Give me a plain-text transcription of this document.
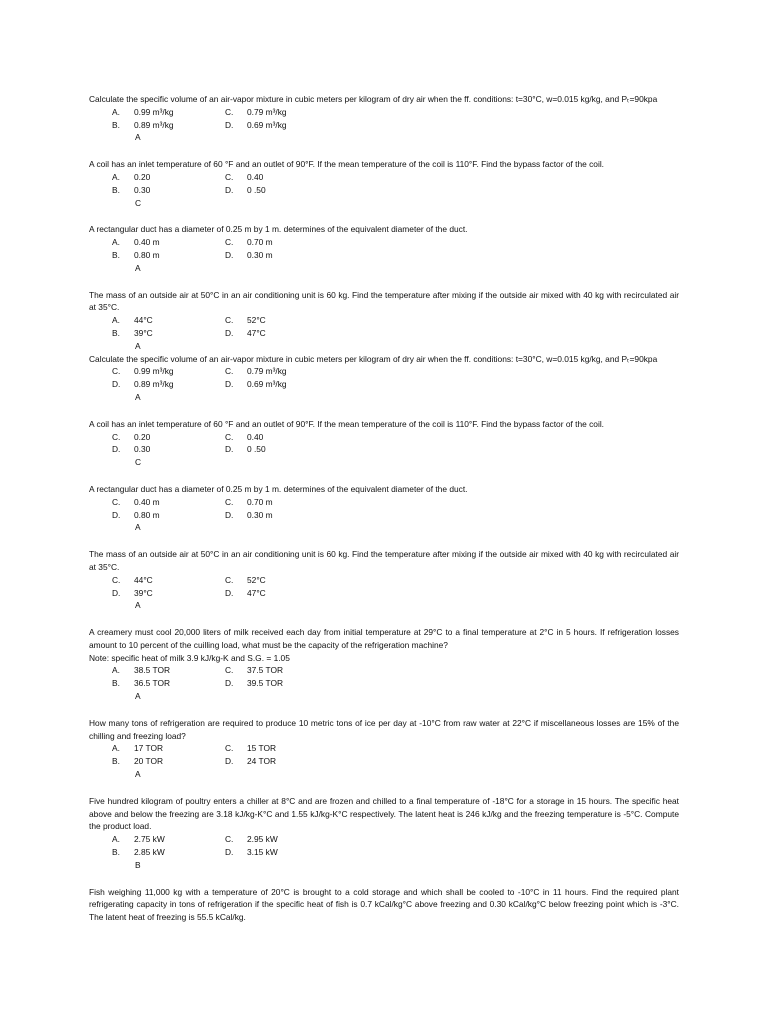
Calculate the specific volume of an air-vapor mixture in cubic meters per kilogram of dry air when the ff. conditions: t=30°C, w=0.015 kg/kg, and Pₜ=90kpa

A. 0.99 m³/kg	C. 0.79 m³/kg
B. 0.89 m³/kg	D. 0.69 m³/kg
A

A coil has an inlet temperature of 60 °F and an outlet of 90°F. If the mean temperature of the coil is 110°F. Find the bypass factor of the coil.

A. 0.20	C. 0.40
B. 0.30	D. 0 .50
C

A rectangular duct has a diameter of 0.25 m by 1 m. determines of the equivalent diameter of the duct.

A. 0.40 m	C. 0.70 m
B. 0.80 m	D. 0.30 m
A

The mass of an outside air at 50°C in an air conditioning unit is 60 kg. Find the temperature after mixing if the outside air mixed with 40 kg with recirculated air at 35°C.

A. 44°C	C. 52°C
B. 39°C	D. 47°C
A

Calculate the specific volume of an air-vapor mixture in cubic meters per kilogram of dry air when the ff. conditions: t=30°C, w=0.015 kg/kg, and Pₜ=90kpa

C. 0.99 m³/kg	C. 0.79 m³/kg
D. 0.89 m³/kg	D. 0.69 m³/kg
A

A coil has an inlet temperature of 60 °F and an outlet of 90°F. If the mean temperature of the coil is 110°F. Find the bypass factor of the coil.

C. 0.20	C. 0.40
D. 0.30	D. 0 .50
C

A rectangular duct has a diameter of 0.25 m by 1 m. determines of the equivalent diameter of the duct.

C. 0.40 m	C. 0.70 m
D. 0.80 m	D. 0.30 m
A

The mass of an outside air at 50°C in an air conditioning unit is 60 kg. Find the temperature after mixing if the outside air mixed with 40 kg with recirculated air at 35°C.

C. 44°C	C. 52°C
D. 39°C	D. 47°C
A

A creamery must cool 20,000 liters of milk received each day from initial temperature at 29°C to a final temperature at 2°C in 5 hours. If refrigeration losses amount to 10 percent of the cuilling load, what must be the capacity of the refrigeration machine?

Note: specific heat of milk 3.9 kJ/kg-K and S.G. = 1.05

A. 38.5 TOR	C. 37.5 TOR
B. 36.5 TOR	D. 39.5 TOR
A

How many tons of refrigeration are required to produce 10 metric tons of ice per day at -10°C from raw water at 22°C if miscellaneous losses are 15% of the chilling and freezing load?

A. 17 TOR	C. 15 TOR
B. 20 TOR	D. 24 TOR
A

Five hundred kilogram of poultry enters a chiller at 8°C and are frozen and chilled to a final temperature of -18°C for a storage in 15 hours. The specific heat above and below the freezing are 3.18 kJ/kg-K°C and 1.55 kJ/kg-K°C respectively. The latent heat is 246 kJ/kg and the freezing temperature is -5°C. Compute the product load.

A. 2.75 kW	C. 2.95 kW
B. 2.85 kW	D. 3.15 kW
B

Fish weighing 11,000 kg with a temperature of 20°C is brought to a cold storage and which shall be cooled to -10°C in 11 hours. Find the required plant refrigerating capacity in tons of refrigeration if the specific heat of fish is 0.7 kCal/kg°C above freezing and 0.30 kCal/kg°C below freezing point which is -3°C. The latent heat of freezing is 55.5 kCal/kg.
